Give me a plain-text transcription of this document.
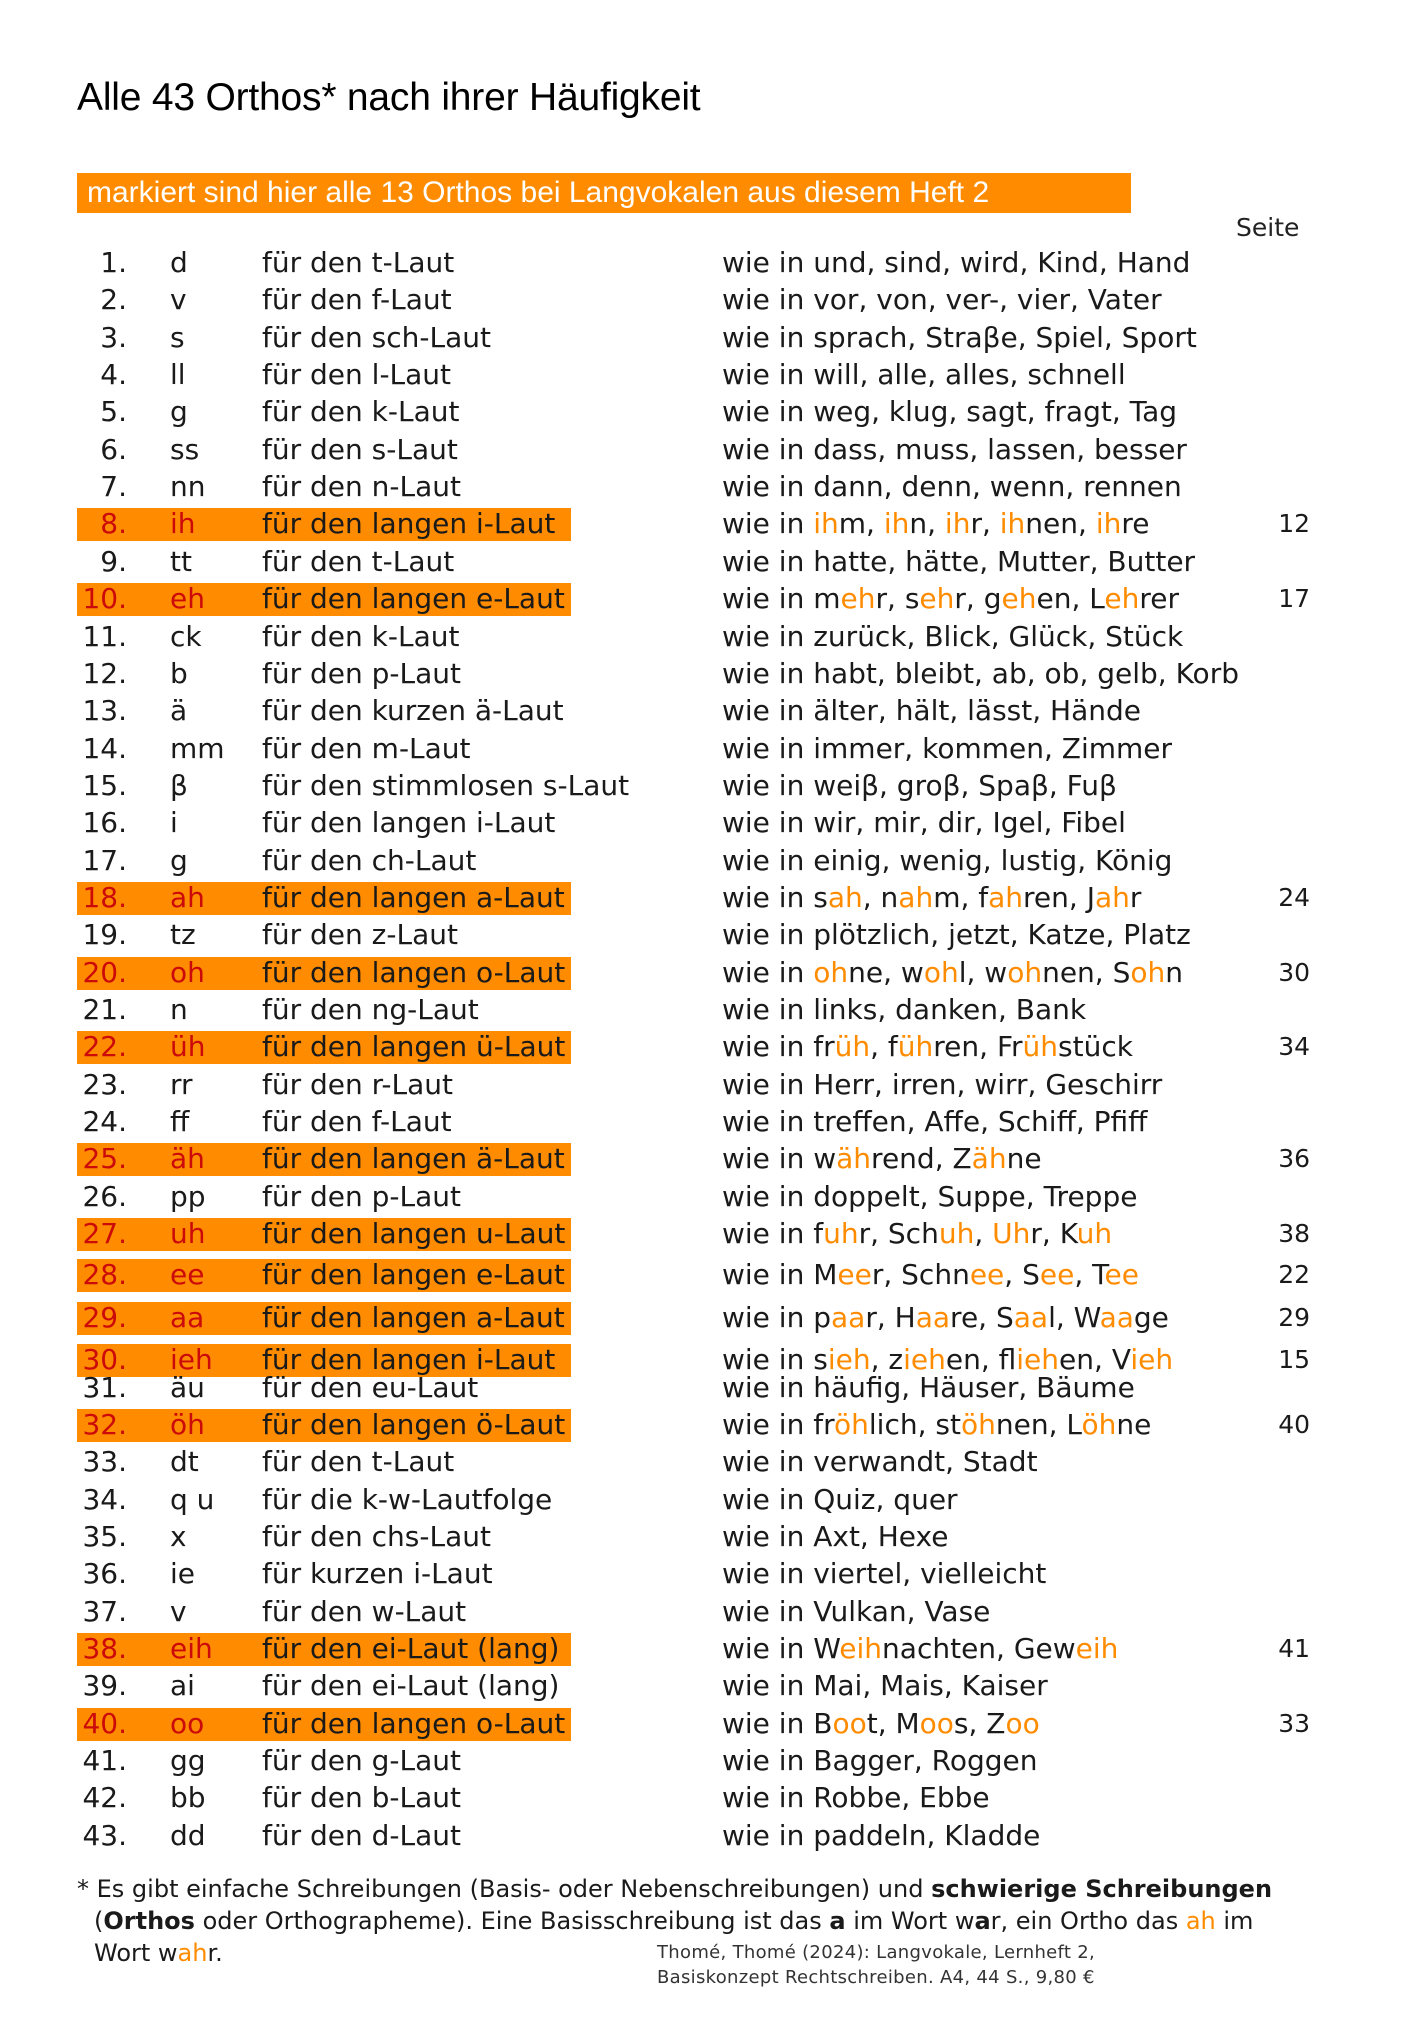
Alle 43 Orthos* nach ihrer Häufigkeit
markiert sind hier alle 13 Orthos bei Langvokalen aus diesem Heft 2
Seite
1. d	für den t-Laut	wie in und, sind, wird, Kind, Hand
2. v	für den f-Laut	wie in vor, von, ver-, vier, Vater
3. s	für den sch-Laut	wie in sprach, Straβe, Spiel, Sport
4. ll	für den l-Laut	wie in will, alle, alles, schnell
5. g	für den k-Laut	wie in weg, klug, sagt, fragt, Tag
6. ss für den s-Laut	wie in dass, muss, lassen, besser
7. nn für den n-Laut	wie in dann, denn, wenn, rennen
8. ih für den langen i-Laut	wie in ihm, ihn, ihr, ihnen, ihre	12
9. tt	für den t-Laut	wie in hatte, hätte, Mutter, Butter
10. eh für den langen e-Laut	wie in mehr, sehr, gehen, Lehrer	17
11. ck für den k-Laut	wie in zurück, Blick, Glück, Stück
12. b	für den p-Laut	wie in habt, bleibt, ab, ob, gelb, Korb
13. ä	für den kurzen ä-Laut	wie in älter, hält, lässt, Hände
14. mm für den m-Laut	wie in immer, kommen, Zimmer
15. β	für den stimmlosen s-Laut	wie in weiβ, groβ, Spaβ, Fuβ
16. i	für den langen i-Laut	wie in wir, mir, dir, Igel, Fibel
17. g	für den ch-Laut	wie in einig, wenig, lustig, König
18. ah für den langen a-Laut	wie in sah, nahm, fahren, Jahr	24
19. tz für den z-Laut	wie in plötzlich, jetzt, Katze, Platz
20. oh für den langen o-Laut	wie in ohne, wohl, wohnen, Sohn	30
21. n	für den ng-Laut	wie in links, danken, Bank
22. üh für den langen ü-Laut	wie in früh, führen, Frühstück	34
23. rr für den r-Laut	wie in Herr, irren, wirr, Geschirr
24. ff	für den f-Laut	wie in treffen, Affe, Schiff, Pfiff
25. äh für den langen ä-Laut	wie in während, Zähne	36
26. pp für den p-Laut	wie in doppelt, Suppe, Treppe
27. uh für den langen u-Laut	wie in fuhr, Schuh, Uhr, Kuh	38
28. ee für den langen e-Laut	wie in Meer, Schnee, See, Tee	22
29. aa für den langen a-Laut	wie in paar, Haare, Saal, Waage	29
30. ieh für den langen i-Laut	wie in sieh, ziehen, fliehen, Vieh	15
31. äu für den eu-Laut	wie in häufig, Häuser, Bäume
32. öh für den langen ö-Laut	wie in fröhlich, stöhnen, Löhne	40
33. dt für den t-Laut	wie in verwandt, Stadt
34. q u für die k-w-Lautfolge	wie in Quiz, quer
35. x	für den chs-Laut	wie in Axt, Hexe
36. ie für kurzen i-Laut	wie in viertel, vielleicht
37. v	für den w-Laut	wie in Vulkan, Vase
38. eih für den ei-Laut (lang)	wie in Weihnachten, Geweih	41
39. ai für den ei-Laut (lang)	wie in Mai, Mais, Kaiser
40. oo für den langen o-Laut	wie in Boot, Moos, Zoo	33
41. gg für den g-Laut	wie in Bagger, Roggen
42. bb für den b-Laut	wie in Robbe, Ebbe
43. dd für den d-Laut	wie in paddeln, Kladde
* Es gibt einfache Schreibungen (Basis- oder Nebenschreibungen) und schwierige Schreibungen
(Orthos oder Orthographeme). Eine Basisschreibung ist das a im Wort war, ein Ortho das ah im
Wort wahr.	Thomé, Thomé (2024): Langvokale, Lernheft 2,
Basiskonzept Rechtschreiben. A4, 44 S., 9,80 €
